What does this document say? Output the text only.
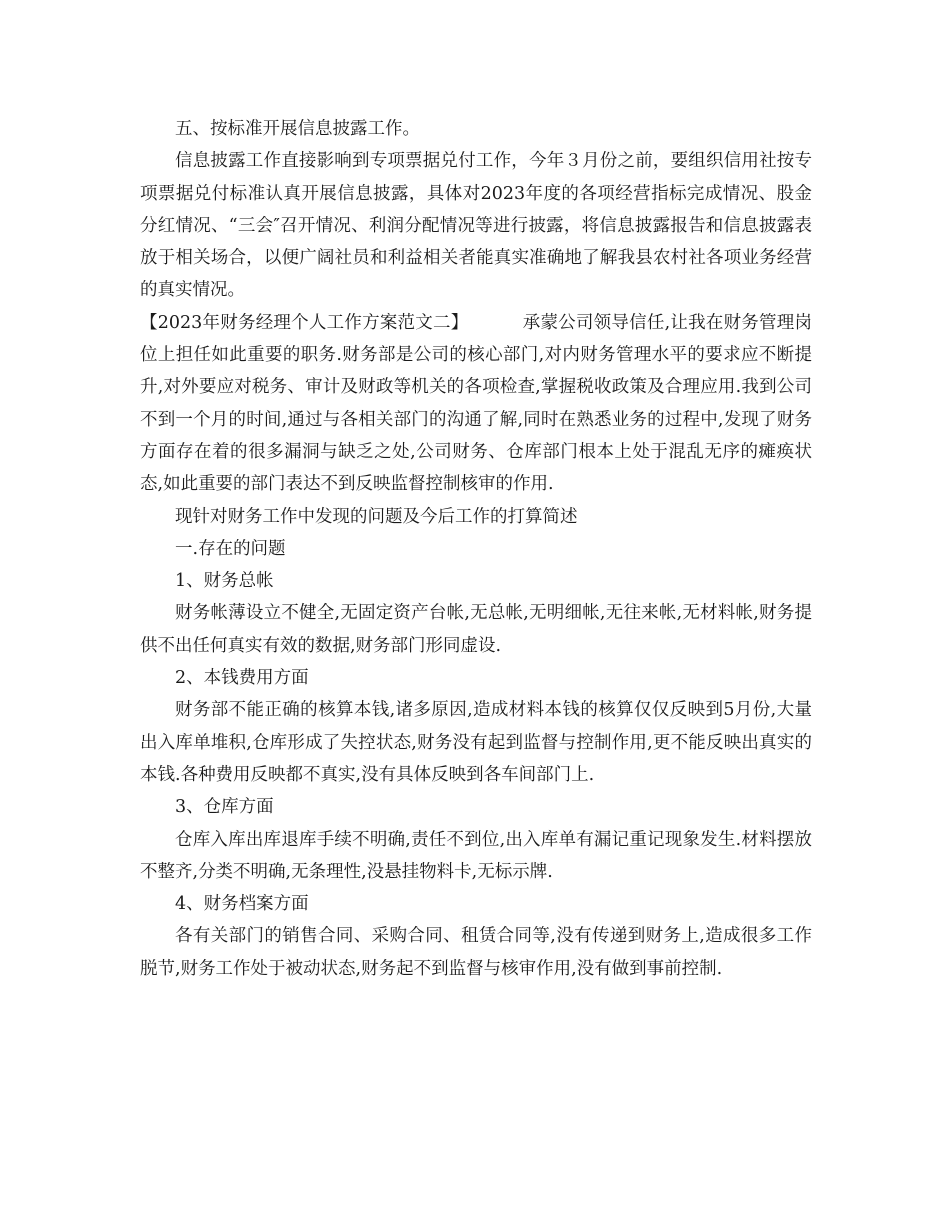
五、按标准开展信息披露工作。

信息披露工作直接影响到专项票据兑付工作，今年３月份之前，要组织信用社按专项票据兑付标准认真开展信息披露，具体对2023年度的各项经营指标完成情况、股金分红情况、“三会″召开情况、利润分配情况等进行披露，将信息披露报告和信息披露表放于相关场合，以便广阔社员和利益相关者能真实准确地了解我县农村社各项业务经营的真实情况。

【2023年财务经理个人工作方案范文二】	承蒙公司领导信任,让我在财务管理岗位上担任如此重要的职务.财务部是公司的核心部门,对内财务管理水平的要求应不断提升,对外要应对税务、审计及财政等机关的各项检查,掌握税收政策及合理应用.我到公司不到一个月的时间,通过与各相关部门的沟通了解,同时在熟悉业务的过程中,发现了财务方面存在着的很多漏洞与缺乏之处,公司财务、仓库部门根本上处于混乱无序的瘫痪状态,如此重要的部门表达不到反映监督控制核审的作用.

现针对财务工作中发现的问题及今后工作的打算简述

一.存在的问题

1、财务总帐

财务帐薄设立不健全,无固定资产台帐,无总帐,无明细帐,无往来帐,无材料帐,财务提供不出任何真实有效的数据,财务部门形同虚设.

2、本钱费用方面

财务部不能正确的核算本钱,诸多原因,造成材料本钱的核算仅仅反映到5月份,大量出入库单堆积,仓库形成了失控状态,财务没有起到监督与控制作用,更不能反映出真实的本钱.各种费用反映都不真实,没有具体反映到各车间部门上.

3、仓库方面

仓库入库出库退库手续不明确,责任不到位,出入库单有漏记重记现象发生.材料摆放不整齐,分类不明确,无条理性,没悬挂物料卡,无标示牌.

4、财务档案方面

各有关部门的销售合同、采购合同、租赁合同等,没有传递到财务上,造成很多工作脱节,财务工作处于被动状态,财务起不到监督与核审作用,没有做到事前控制.
